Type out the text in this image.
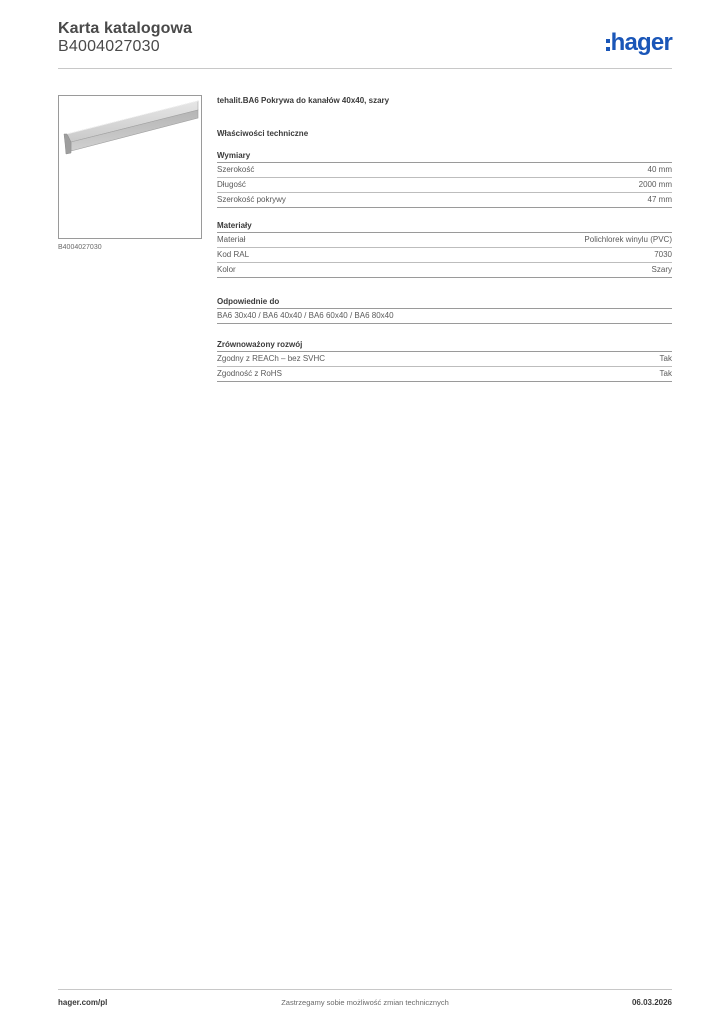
Karta katalogowa
B4004027030	hager
B4004027030
tehalit.BA6 Pokrywa do kanałów 40x40, szary
Właściwości techniczne
Wymiary
Szerokość	40 mm
Długość	2000 mm
Szerokość pokrywy	47 mm
Materiały
Materiał	Polichlorek winylu (PVC)
Kod RAL	7030
Kolor	Szary
Odpowiednie do
BA6 30x40 / BA6 40x40 / BA6 60x40 / BA6 80x40
Zrównoważony rozwój
Zgodny z REACh – bez SVHC	Tak
Zgodność z RoHS	Tak
hager.com/pl	Zastrzegamy sobie możliwość zmian technicznych	06.03.2026
